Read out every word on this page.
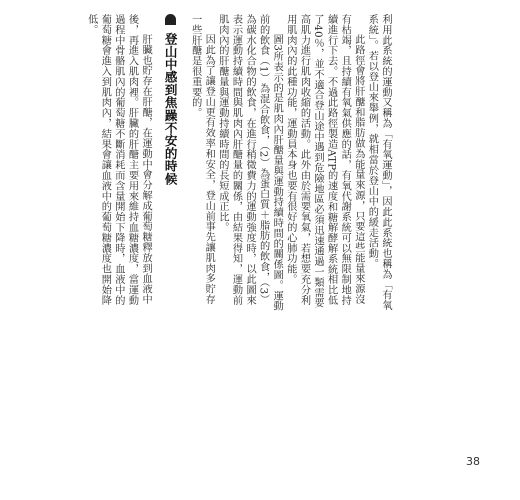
利用此系統的運動又稱為「有氧運動」，因此此系統也稱為「有氧系統」。若以登山來舉例，就相當於登山中的緩走活動。

此路徑會將肝醣和脂肪做為能量來源，只要這些能量來源沒有枯竭，且持續有氧氣供應的話，有氧代謝系統可以無限制地持續進行下去。不過此路徑製造ATP的速度和糖解酵解系統相比低了40％，並不適合登山途中遇到危險地區必須迅速通過一類需要高肌力進行肌肉收縮的活動。此外由於需要氧氣，若想要充分利用肌肉內的此種功能，運動員本身也要有很好的心肺功能。

圖3所表示的是肌肉內肝醣量與運動持續時間的關係圖。運動前的飲食（1）為混合飲食，（2）為蛋白質＋脂肪的飲食，（3）為碳水化合物的飲食，在進行稍微費力的運動強度時，以此圖來表示運動持續時間與肌肉內肝醣量的關係，由結果得知，運動前肌肉內的肝醣量與運動持續時間的長短成正比。

因此為了讓登山更有效率和安全，登山前事先讓肌肉多貯存一些肝醣是很重要的。

登山中感到焦躁不安的時候

肝臟也貯存在肝醣，在運動中會分解成葡萄糖釋放到血液中後，再進入肌肉裡。肝臟的肝醣主要用來維持血糖濃度，當運動過程中骨骼肌內的葡萄糖不斷消耗而含量開始下降時，血液中的葡萄糖會進入到肌肉內，結果會讓血液中的葡萄糖濃度也開始降低。

38
